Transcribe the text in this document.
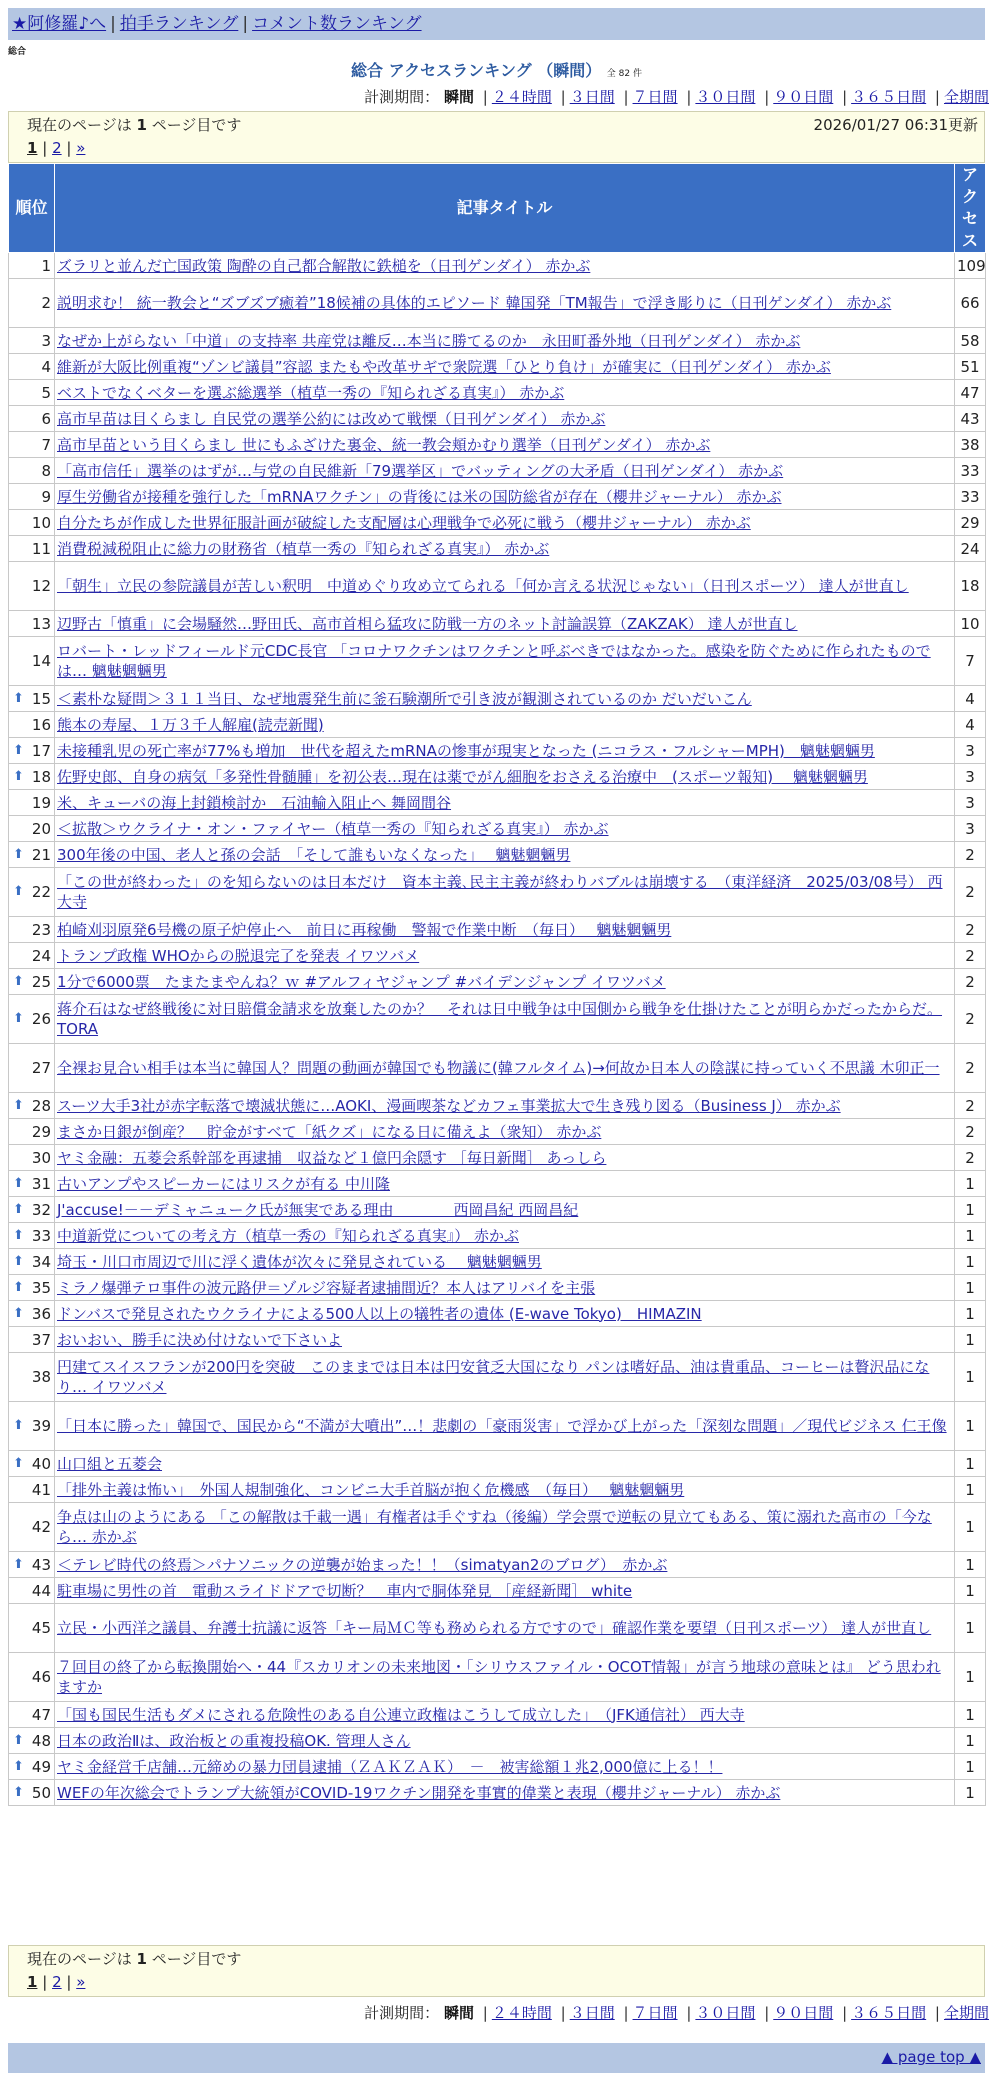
★阿修羅♪へ | 拍手ランキング | コメント数ランキング
総合
総合 アクセスランキング （瞬間） 全 82 件
計測期間： 瞬間 | ２４時間 | ３日間 | ７日間 | ３０日間 | ９０日間 | ３６５日間 | 全期間
現在のページは 1 ページ目です	2026/01/27 06:31更新
1 | 2 | »
順位	記事タイトル	アクセス
1	ズラリと並んだ亡国政策 陶酔の自己都合解散に鉄槌を（日刊ゲンダイ） 赤かぶ	109
2	説明求む！ 統一教会と“ズブズブ癒着”18候補の具体的エピソード 韓国発「TM報告」で浮き彫りに（日刊ゲンダイ） 赤かぶ	66
3	なぜか上がらない「中道」の支持率 共産党は離反…本当に勝てるのか　永田町番外地（日刊ゲンダイ） 赤かぶ	58
4	維新が大阪比例重複“ゾンビ議員”容認 またもや改革サギで衆院選「ひとり負け」が確実に（日刊ゲンダイ） 赤かぶ	51
5	ベストでなくベターを選ぶ総選挙（植草一秀の『知られざる真実』） 赤かぶ	47
6	高市早苗は目くらまし 自民党の選挙公約には改めて戦慄（日刊ゲンダイ） 赤かぶ	43
7	高市早苗という目くらまし 世にもふざけた裏金、統一教会頬かむり選挙（日刊ゲンダイ） 赤かぶ	38
8	「高市信任」選挙のはずが…与党の自民維新「79選挙区」でバッティングの大矛盾（日刊ゲンダイ） 赤かぶ	33
9	厚生労働省が接種を強行した「mRNAワクチン」の背後には米の国防総省が存在（櫻井ジャーナル） 赤かぶ	33
10	自分たちが作成した世界征服計画が破綻した支配層は心理戦争で必死に戦う（櫻井ジャーナル） 赤かぶ	29
11	消費税減税阻止に総力の財務省（植草一秀の『知られざる真実』） 赤かぶ	24
12	「朝生」立民の参院議員が苦しい釈明　中道めぐり攻め立てられる「何か言える状況じゃない」（日刊スポーツ） 達人が世直し	18
13	辺野古「慎重」に会場騒然…野田氏、高市首相ら猛攻に防戦一方のネット討論誤算（ZAKZAK） 達人が世直し	10
14	ロバート・レッドフィールド元CDC長官 「コロナワクチンはワクチンと呼ぶべきではなかった。感染を防ぐために作られたものでは… 魑魅魍魎男	7

⬆ 15	＜素朴な疑問＞３１１当日、なぜ地震発生前に釜石験潮所で引き波が観測されているのか だいだいこん	4
16	熊本の寿屋、１万３千人解雇(読売新聞)	4

⬆ 17	未接種乳児の死亡率が77%も増加　世代を超えたmRNAの惨事が現実となった (ニコラス・フルシャーMPH)　魑魅魍魎男	3

⬆ 18	佐野史郎、自身の病気「多発性骨髄腫」を初公表…現在は薬でがん細胞をおさえる治療中　(スポーツ報知)　 魑魅魍魎男	3
19	米、キューバの海上封鎖検討か　石油輸入阻止へ 舞岡間谷	3
20	＜拡散＞ウクライナ・オン・ファイヤー（植草一秀の『知られざる真実』） 赤かぶ	3

⬆ 21	300年後の中国、老人と孫の会話　「そして誰もいなくなった」　 魑魅魍魎男	2

⬆ 22	「この世が終わった」のを知らないのは日本だけ　資本主義､民主主義が終わりバブルは崩壊する　（東洋経済　2025/03/08号） 西大寺	2
23	柏崎刈羽原発6号機の原子炉停止へ　前日に再稼働　警報で作業中断　（毎日）　 魑魅魍魎男	2
24	トランプ政権 WHOからの脱退完了を発表 イワツバメ	2

⬆ 25	1分で6000票　たまたまやんね？ｗ #アルフィヤジャンプ #バイデンジャンプ イワツバメ	2

⬆ 26	蒋介石はなぜ終戦後に対日賠償金請求を放棄したのか？　それは日中戦争は中国側から戦争を仕掛けたことが明らかだったからだ。 TORA	2
27	全裸お見合い相手は本当に韓国人？問題の動画が韓国でも物議に(韓フルタイム)→何故か日本人の陰謀に持っていく不思議 木卯正一	2

⬆ 28	スーツ大手3社が赤字転落で壊滅状態に…AOKI、漫画喫茶などカフェ事業拡大で生き残り図る（Business J） 赤かぶ	2
29	まさか日銀が倒産？　貯金がすべて「紙クズ」になる日に備えよ（衆知） 赤かぶ	2
30	ヤミ金融：五菱会系幹部を再逮捕　収益など１億円余隠す ［毎日新聞］ あっしら	2

⬆ 31	古いアンプやスピーカーにはリスクが有る 中川隆	1

⬆ 32	J'accuse!－－デミャニューク氏が無実である理由　　　　西岡昌紀 西岡昌紀	1

⬆ 33	中道新党についての考え方（植草一秀の『知られざる真実』） 赤かぶ	1

⬆ 34	埼玉・川口市周辺で川に浮く遺体が次々に発見されている　 魑魅魍魎男	1

⬆ 35	ミラノ爆弾テロ事件の波元路伊＝ゾルジ容疑者逮捕間近？本人はアリバイを主張	1

⬆ 36	ドンバスで発見されたウクライナによる500人以上の犠牲者の遺体 (E-wave Tokyo)　HIMAZIN	1
37	おいおい、勝手に決め付けないで下さいよ	1
38	円建てスイスフランが200円を突破　このままでは日本は円安貧乏大国になり パンは嗜好品、油は貴重品、コーヒーは贅沢品になり… イワツバメ	1

⬆ 39	「日本に勝った」韓国で、国民から“不満が大噴出”…！悲劇の「豪雨災害」で浮かび上がった「深刻な問題」／現代ビジネス 仁王像	1

⬆ 40	山口組と五菱会	1
41	「排外主義は怖い」　外国人規制強化、コンビニ大手首脳が抱く危機感　（毎日）　 魑魅魍魎男	1
42	争点は山のようにある 「この解散は千載一遇」有権者は手ぐすね（後編）学会票で逆転の見立てもある、策に溺れた高市の「今なら… 赤かぶ	1

⬆ 43	＜テレビ時代の終焉＞パナソニックの逆襲が始まった！！（simatyan2のブログ）　赤かぶ	1
44	駐車場に男性の首　電動スライドドアで切断？　車内で胴体発見 ［産経新聞］ white	1
45	立民・小西洋之議員、弁護士抗議に返答「キー局ＭＣ等も務められる方ですので」確認作業を要望（日刊スポーツ） 達人が世直し	1
46	７回目の終了から転換開始へ・44『スカリオンの未来地図・「シリウスファイル・OCOT情報」が言う地球の意味とは』 どう思われますか	1
47	「国も国民生活もダメにされる危険性のある自公連立政権はこうして成立した」　（JFK通信社） 西大寺	1

⬆ 48	日本の政治Ⅱは、政治板との重複投稿OK. 管理人さん	1

⬆ 49	ヤミ金経営千店舗…元締めの暴力団員逮捕（ＺＡＫＺＡＫ）　－　被害総額１兆2,000億に上る！！	1

⬆ 50	WEFの年次総会でトランプ大統領がCOVID-19ワクチン開発を事實的偉業と表現（櫻井ジャーナル） 赤かぶ	1
現在のページは 1 ページ目です
1 | 2 | »
計測期間： 瞬間 | ２４時間 | ３日間 | ７日間 | ３０日間 | ９０日間 | ３６５日間 | 全期間
▲ page top ▲
